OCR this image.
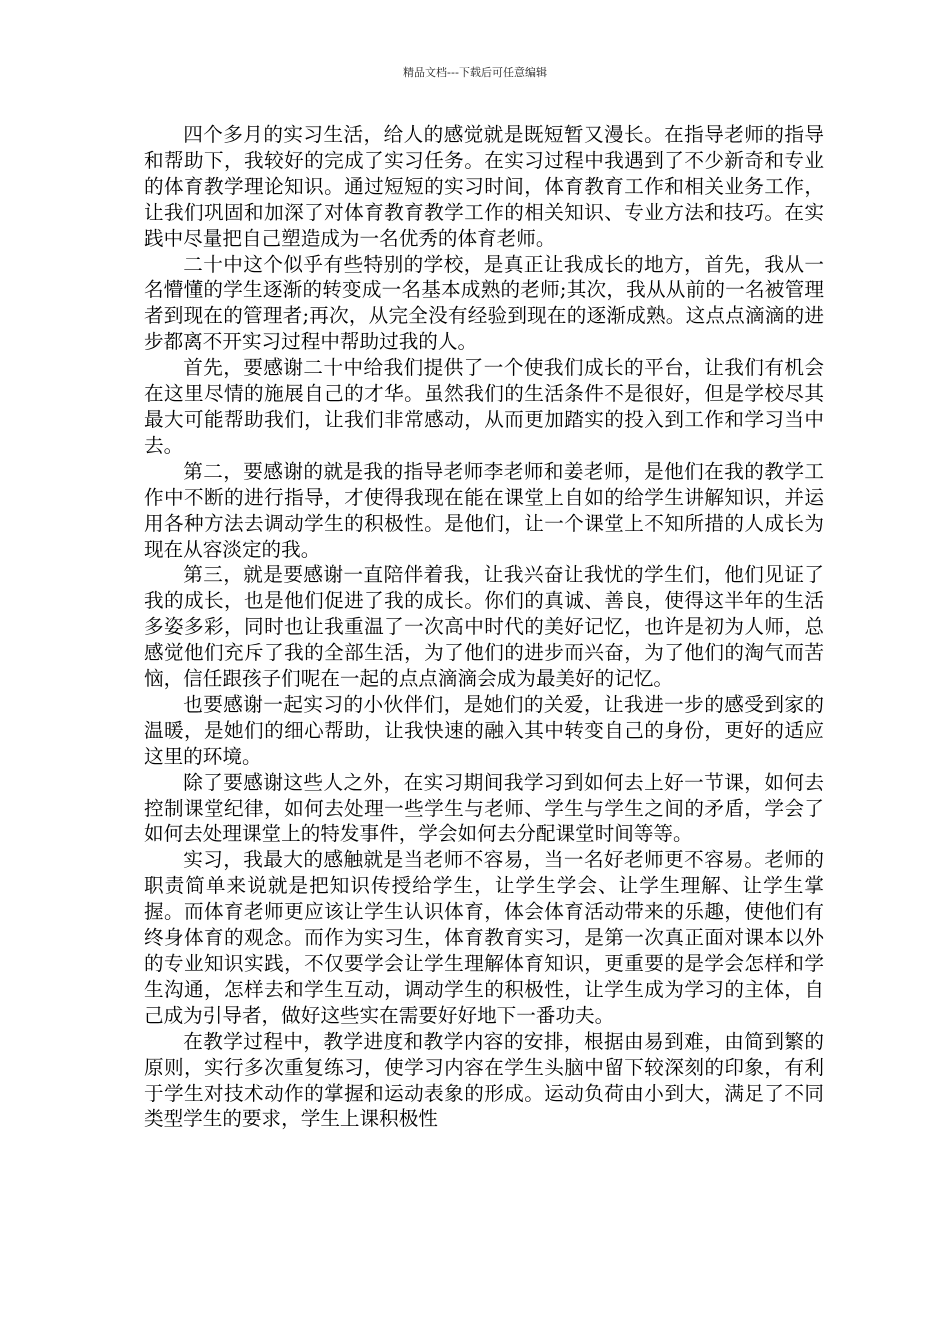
精品文档---下载后可任意编辑

四个多月的实习生活，给人的感觉就是既短暂又漫长。在指导老师的指导和帮助下，我较好的完成了实习任务。在实习过程中我遇到了不少新奇和专业的体育教学理论知识。通过短短的实习时间，体育教育工作和相关业务工作，让我们巩固和加深了对体育教育教学工作的相关知识、专业方法和技巧。在实践中尽量把自己塑造成为一名优秀的体育老师。

二十中这个似乎有些特别的学校，是真正让我成长的地方，首先，我从一名懵懂的学生逐渐的转变成一名基本成熟的老师;其次，我从从前的一名被管理者到现在的管理者;再次，从完全没有经验到现在的逐渐成熟。这点点滴滴的进步都离不开实习过程中帮助过我的人。

首先，要感谢二十中给我们提供了一个使我们成长的平台，让我们有机会在这里尽情的施展自己的才华。虽然我们的生活条件不是很好，但是学校尽其最大可能帮助我们，让我们非常感动，从而更加踏实的投入到工作和学习当中去。

第二，要感谢的就是我的指导老师李老师和姜老师，是他们在我的教学工作中不断的进行指导，才使得我现在能在课堂上自如的给学生讲解知识，并运用各种方法去调动学生的积极性。是他们，让一个课堂上不知所措的人成长为现在从容淡定的我。

第三，就是要感谢一直陪伴着我，让我兴奋让我忧的学生们，他们见证了我的成长，也是他们促进了我的成长。你们的真诚、善良，使得这半年的生活多姿多彩，同时也让我重温了一次高中时代的美好记忆，也许是初为人师，总感觉他们充斥了我的全部生活，为了他们的进步而兴奋，为了他们的淘气而苦恼，信任跟孩子们呢在一起的点点滴滴会成为最美好的记忆。

也要感谢一起实习的小伙伴们，是她们的关爱，让我进一步的感受到家的温暖，是她们的细心帮助，让我快速的融入其中转变自己的身份，更好的适应这里的环境。

除了要感谢这些人之外，在实习期间我学习到如何去上好一节课，如何去控制课堂纪律，如何去处理一些学生与老师、学生与学生之间的矛盾，学会了如何去处理课堂上的特发事件，学会如何去分配课堂时间等等。

实习，我最大的感触就是当老师不容易，当一名好老师更不容易。老师的职责简单来说就是把知识传授给学生，让学生学会、让学生理解、让学生掌握。而体育老师更应该让学生认识体育，体会体育活动带来的乐趣，使他们有终身体育的观念。而作为实习生，体育教育实习，是第一次真正面对课本以外的专业知识实践，不仅要学会让学生理解体育知识，更重要的是学会怎样和学生沟通，怎样去和学生互动，调动学生的积极性，让学生成为学习的主体，自己成为引导者，做好这些实在需要好好地下一番功夫。

在教学过程中，教学进度和教学内容的安排，根据由易到难，由简到繁的原则，实行多次重复练习，使学习内容在学生头脑中留下较深刻的印象，有利于学生对技术动作的掌握和运动表象的形成。运动负荷由小到大，满足了不同类型学生的要求，学生上课积极性
